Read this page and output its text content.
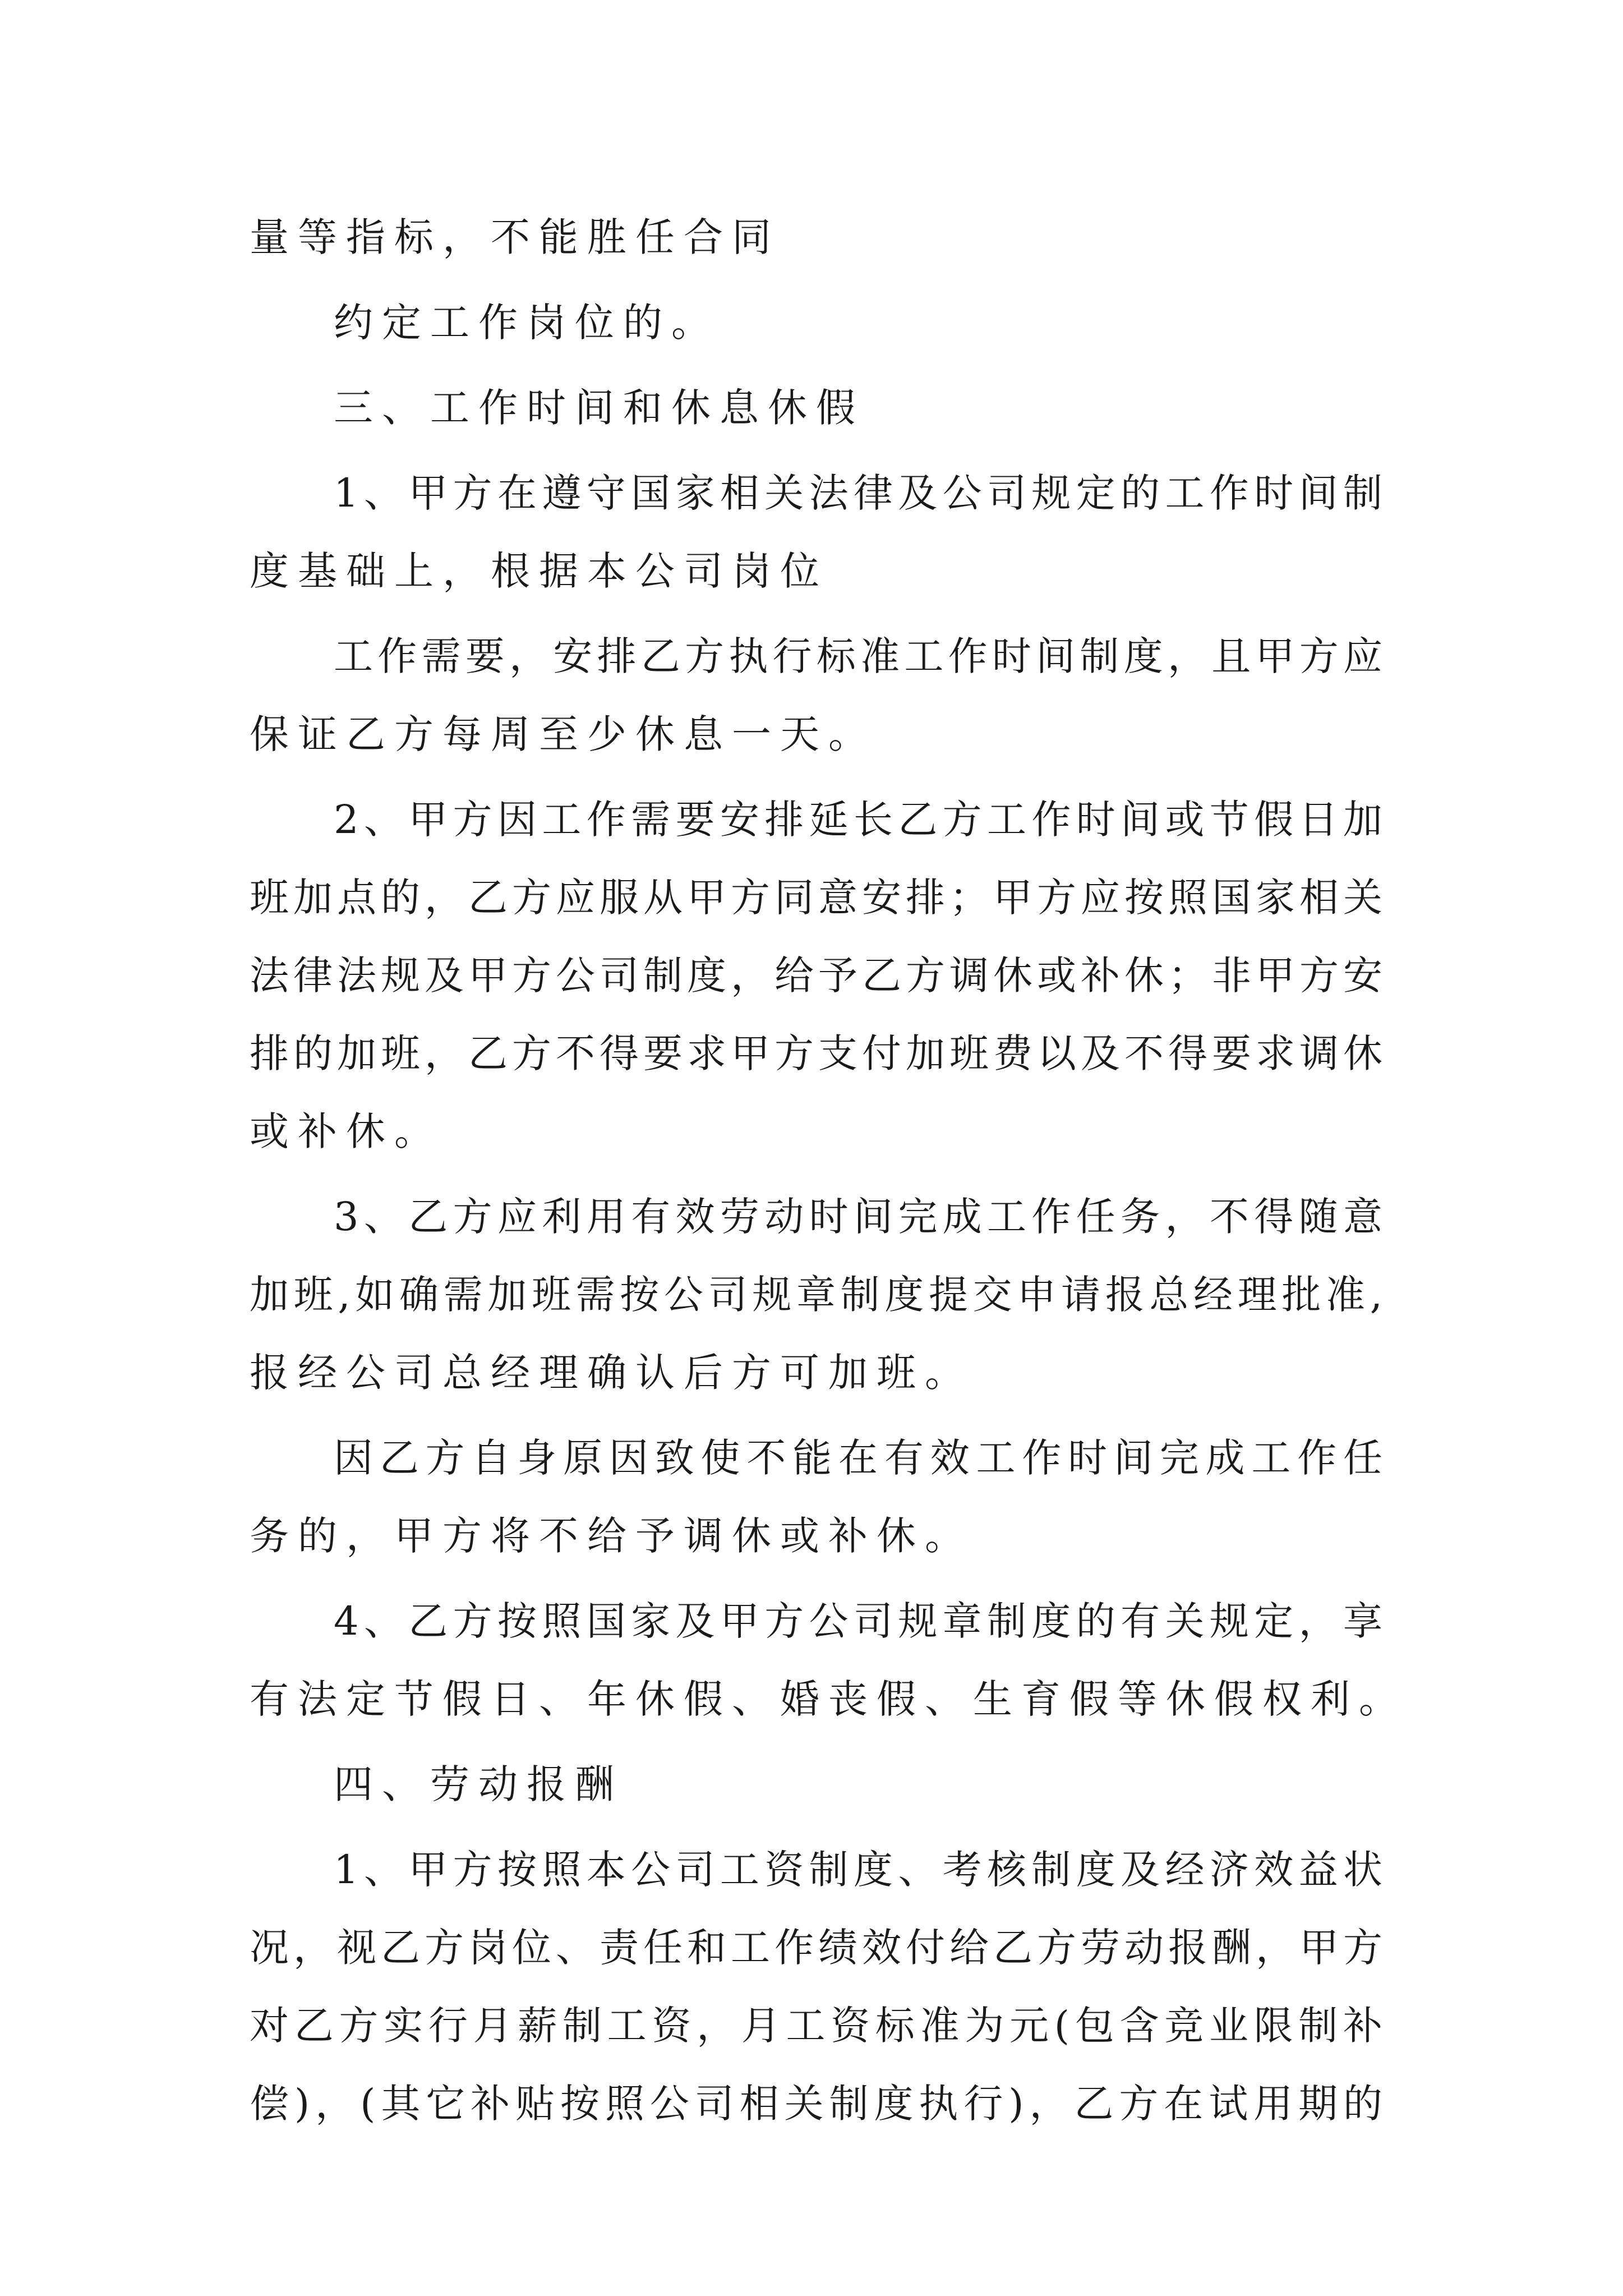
量等指标，不能胜任合同
约定工作岗位的。
三、工作时间和休息休假
1、甲方在遵守国家相关法律及公司规定的工作时间制
度基础上，根据本公司岗位
工作需要，安排乙方执行标准工作时间制度，且甲方应
保证乙方每周至少休息一天。
2、甲方因工作需要安排延长乙方工作时间或节假日加
班加点的，乙方应服从甲方同意安排；甲方应按照国家相关
法律法规及甲方公司制度，给予乙方调休或补休；非甲方安
排的加班，乙方不得要求甲方支付加班费以及不得要求调休
或补休。
3、乙方应利用有效劳动时间完成工作任务，不得随意
加班,如确需加班需按公司规章制度提交申请报总经理批准,
报经公司总经理确认后方可加班。
因乙方自身原因致使不能在有效工作时间完成工作任
务的，甲方将不给予调休或补休。
4、乙方按照国家及甲方公司规章制度的有关规定，享
有法定节假日、年休假、婚丧假、生育假等休假权利。
四、劳动报酬
1、甲方按照本公司工资制度、考核制度及经济效益状
况，视乙方岗位、责任和工作绩效付给乙方劳动报酬，甲方
对乙方实行月薪制工资，月工资标准为元(包含竞业限制补
偿)，(其它补贴按照公司相关制度执行)，乙方在试用期的
